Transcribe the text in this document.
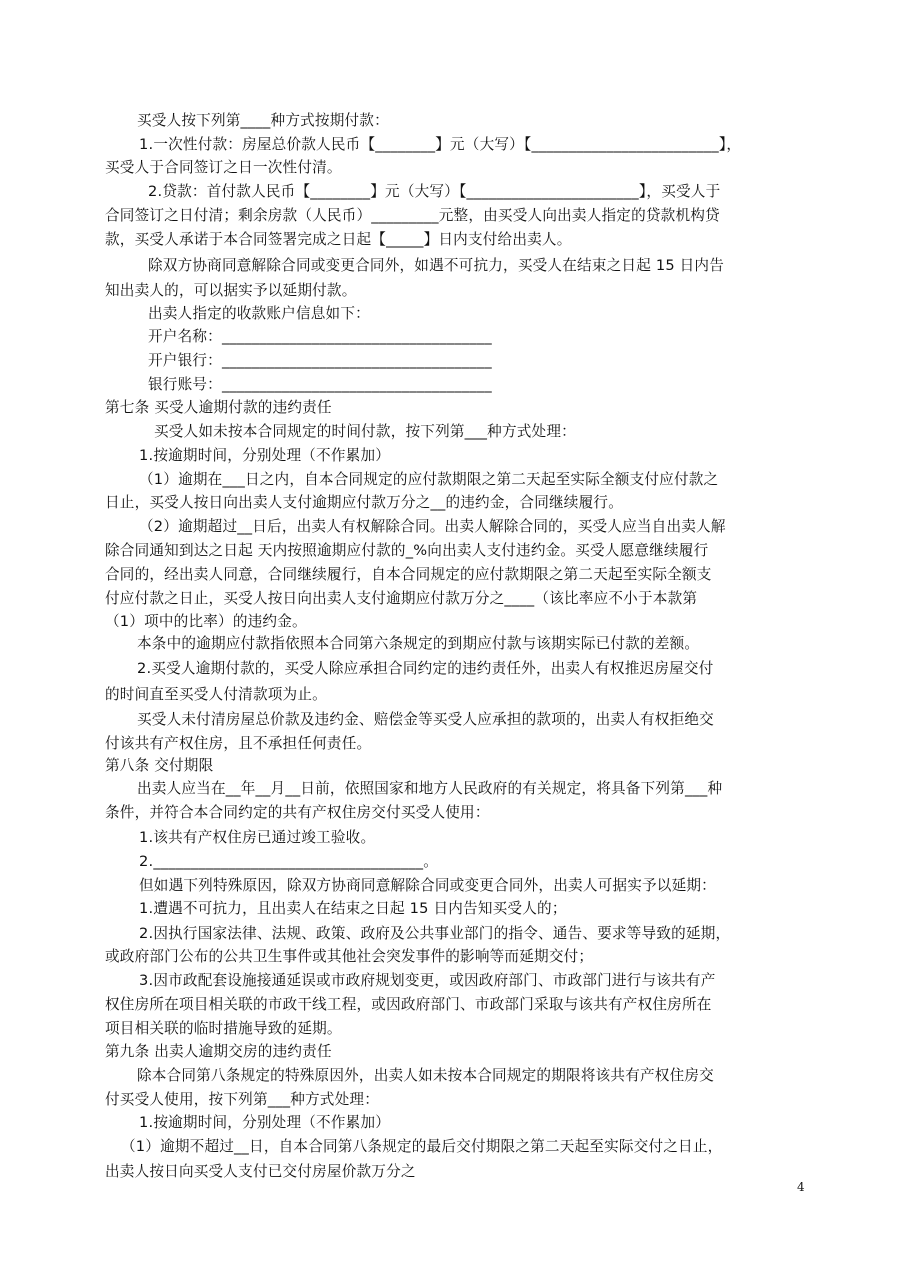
买受人按下列第____种方式按期付款：
1.一次性付款：房屋总价款人民币【________】元（大写）【_________________________】，
买受人于合同签订之日一次性付清。
2.贷款：首付款人民币【________】元（大写）【_______________________】，买受人于
合同签订之日付清；剩余房款（人民币）_________元整，由买受人向出卖人指定的贷款机构贷
款，买受人承诺于本合同签署完成之日起【_____】日内支付给出卖人。
除双方协商同意解除合同或变更合同外，如遇不可抗力，买受人在结束之日起 15 日内告
知出卖人的，可以据实予以延期付款。
出卖人指定的收款账户信息如下：
开户名称：____________________________________
开户银行：____________________________________
银行账号：____________________________________
第七条 买受人逾期付款的违约责任
买受人如未按本合同规定的时间付款，按下列第___种方式处理：
1.按逾期时间，分别处理（不作累加）
（1）逾期在___日之内，自本合同规定的应付款期限之第二天起至实际全额支付应付款之
日止，买受人按日向出卖人支付逾期应付款万分之__的违约金，合同继续履行。
（2）逾期超过__日后，出卖人有权解除合同。出卖人解除合同的，买受人应当自出卖人解
除合同通知到达之日起 天内按照逾期应付款的_%向出卖人支付违约金。买受人愿意继续履行
合同的，经出卖人同意，合同继续履行，自本合同规定的应付款期限之第二天起至实际全额支
付应付款之日止，买受人按日向出卖人支付逾期应付款万分之____（该比率应不小于本款第
（1）项中的比率）的违约金。
本条中的逾期应付款指依照本合同第六条规定的到期应付款与该期实际已付款的差额。
2.买受人逾期付款的，买受人除应承担合同约定的违约责任外，出卖人有权推迟房屋交付
的时间直至买受人付清款项为止。
买受人未付清房屋总价款及违约金、赔偿金等买受人应承担的款项的，出卖人有权拒绝交
付该共有产权住房，且不承担任何责任。
第八条 交付期限
出卖人应当在__年__月__日前，依照国家和地方人民政府的有关规定，将具备下列第___种
条件，并符合本合同约定的共有产权住房交付买受人使用：
1.该共有产权住房已通过竣工验收。
2.____________________________________。
但如遇下列特殊原因，除双方协商同意解除合同或变更合同外，出卖人可据实予以延期：
1.遭遇不可抗力，且出卖人在结束之日起 15 日内告知买受人的；
2.因执行国家法律、法规、政策、政府及公共事业部门的指令、通告、要求等导致的延期，
或政府部门公布的公共卫生事件或其他社会突发事件的影响等而延期交付；
3.因市政配套设施接通延误或市政府规划变更，或因政府部门、市政部门进行与该共有产
权住房所在项目相关联的市政干线工程，或因政府部门、市政部门采取与该共有产权住房所在
项目相关联的临时措施导致的延期。
第九条 出卖人逾期交房的违约责任
除本合同第八条规定的特殊原因外，出卖人如未按本合同规定的期限将该共有产权住房交
付买受人使用，按下列第___种方式处理：
1.按逾期时间，分别处理（不作累加）
（1）逾期不超过__日，自本合同第八条规定的最后交付期限之第二天起至实际交付之日止，
出卖人按日向买受人支付已交付房屋价款万分之
4
